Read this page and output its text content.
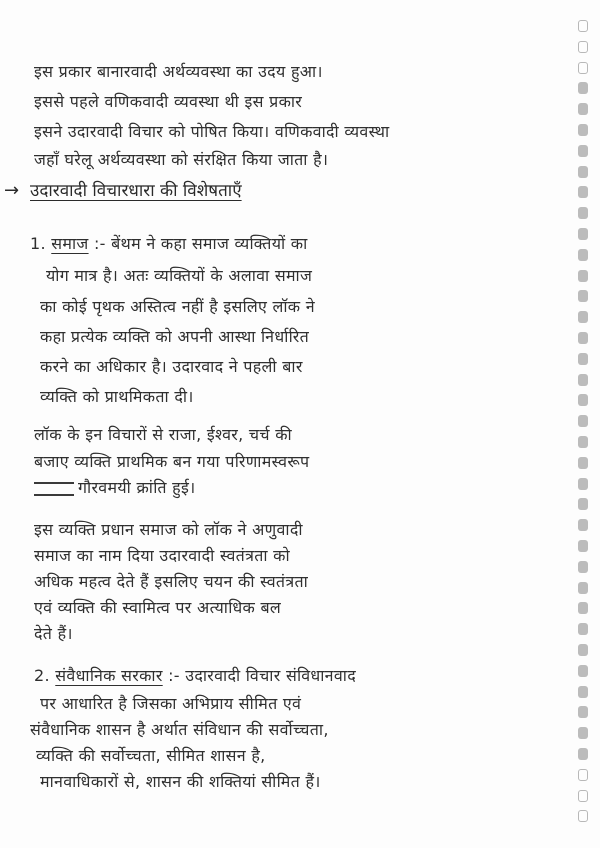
इस प्रकार बानारवादी अर्थव्यवस्था का उदय हुआ।
इससे पहले वणिकवादी व्यवस्था थी इस प्रकार
इसने उदारवादी विचार को पोषित किया। वणिकवादी व्यवस्था
जहाँ घरेलू अर्थव्यवस्था को संरक्षित किया जाता है।
→ उदारवादी विचारधारा की विशेषताएँ
1. समाज :- बेंथम ने कहा समाज व्यक्तियों का
योग मात्र है। अतः व्यक्तियों के अलावा समाज
का कोई पृथक अस्तित्व नहीं है इसलिए लॉक ने
कहा प्रत्येक व्यक्ति को अपनी आस्था निर्धारित
करने का अधिकार है। उदारवाद ने पहली बार
व्यक्ति को प्राथमिकता दी।
लॉक के इन विचारों से राजा, ईश्वर, चर्च की
बजाए व्यक्ति प्राथमिक बन गया परिणामस्वरूप
गौरवमयी क्रांति हुई।
इस व्यक्ति प्रधान समाज को लॉक ने अणुवादी
समाज का नाम दिया उदारवादी स्वतंत्रता को
अधिक महत्व देते हैं इसलिए चयन की स्वतंत्रता
एवं व्यक्ति की स्वामित्व पर अत्याधिक बल
देते हैं।
2. संवैधानिक सरकार :- उदारवादी विचार संविधानवाद
पर आधारित है जिसका अभिप्राय सीमित एवं
संवैधानिक शासन है अर्थात संविधान की सर्वोच्चता,
व्यक्ति की सर्वोच्चता, सीमित शासन है,
मानवाधिकारों से, शासन की शक्तियां सीमित हैं।
